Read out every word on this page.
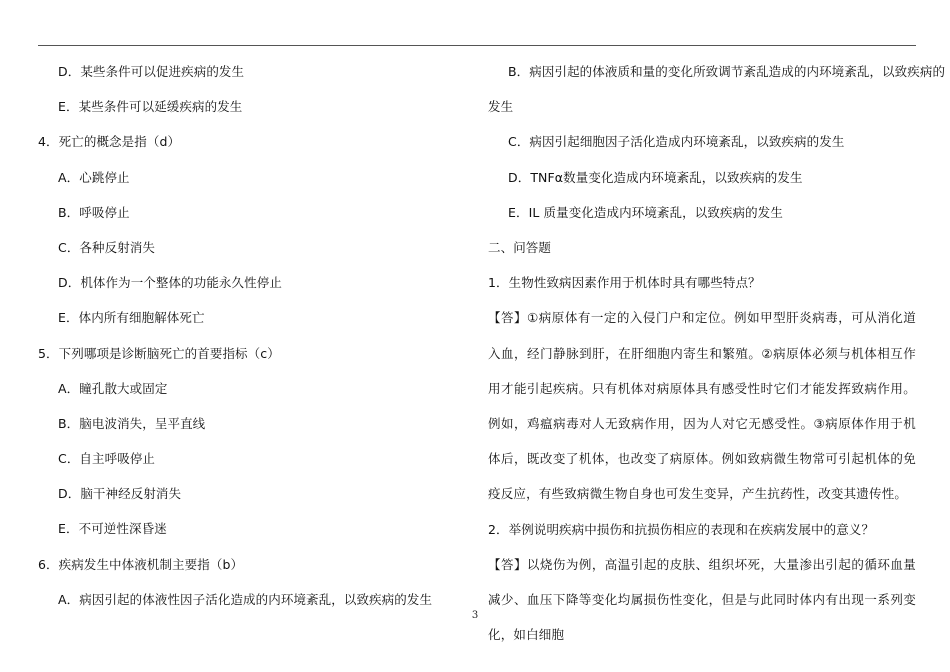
D．某些条件可以促进疾病的发生
E．某些条件可以延缓疾病的发生
4．死亡的概念是指（d）
A．心跳停止
B．呼吸停止
C．各种反射消失
D．机体作为一个整体的功能永久性停止
E．体内所有细胞解体死亡
5．下列哪项是诊断脑死亡的首要指标（c）
A．瞳孔散大或固定
B．脑电波消失，呈平直线
C．自主呼吸停止
D．脑干神经反射消失
E．不可逆性深昏迷
6．疾病发生中体液机制主要指（b）
A．病因引起的体液性因子活化造成的内环境紊乱，以致疾病的发生
B．病因引起的体液质和量的变化所致调节紊乱造成的内环境紊乱，以致疾病的
发生
C．病因引起细胞因子活化造成内环境紊乱，以致疾病的发生
D．TNFα数量变化造成内环境紊乱，以致疾病的发生
E．IL 质量变化造成内环境紊乱，以致疾病的发生
二、问答题
1．生物性致病因素作用于机体时具有哪些特点？
【答】①病原体有一定的入侵门户和定位。例如甲型肝炎病毒，可从消化道入血，经门静脉到肝，在肝细胞内寄生和繁殖。②病原体必须与机体相互作用才能引起疾病。只有机体对病原体具有感受性时它们才能发挥致病作用。例如，鸡瘟病毒对人无致病作用，因为人对它无感受性。③病原体作用于机体后，既改变了机体，也改变了病原体。例如致病微生物常可引起机体的免疫反应，有些致病微生物自身也可发生变异，产生抗药性，改变其遗传性。
2．举例说明疾病中损伤和抗损伤相应的表现和在疾病发展中的意义？
【答】以烧伤为例，高温引起的皮肤、组织坏死，大量渗出引起的循环血量减少、血压下降等变化均属损伤性变化，但是与此同时体内有出现一系列变化，如白细胞
3
